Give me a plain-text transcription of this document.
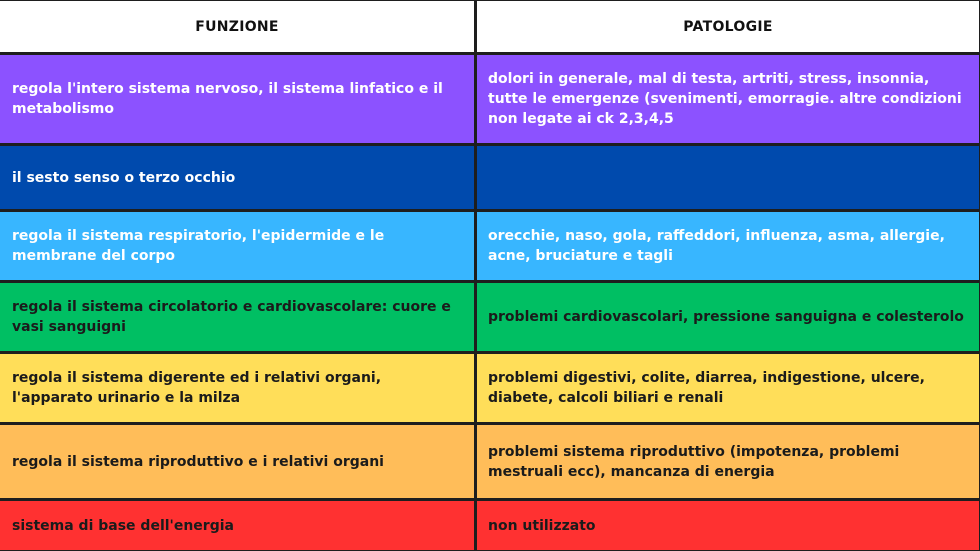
FUNZIONE	PATOLOGIE
regola l'intero sistema nervoso, il sistema linfatico e il metabolismo
dolori in generale, mal di testa, artriti, stress, insonnia, tutte le emergenze (svenimenti, emorragie. altre condizioni non legate ai ck 2,3,4,5
il sesto senso o terzo occhio
regola il sistema respiratorio, l'epidermide e le membrane del corpo
orecchie, naso, gola, raffeddori, influenza, asma, allergie, acne, bruciature e tagli
regola il sistema circolatorio e cardiovascolare: cuore e vasi sanguigni
problemi cardiovascolari, pressione sanguigna e colesterolo
regola il sistema digerente ed i relativi organi, l'apparato urinario e la milza
problemi digestivi, colite, diarrea, indigestione, ulcere, diabete, calcoli biliari e renali
regola il sistema riproduttivo e i relativi organi
problemi sistema riproduttivo (impotenza, problemi mestruali ecc), mancanza di energia
sistema di base dell'energia	non utilizzato
